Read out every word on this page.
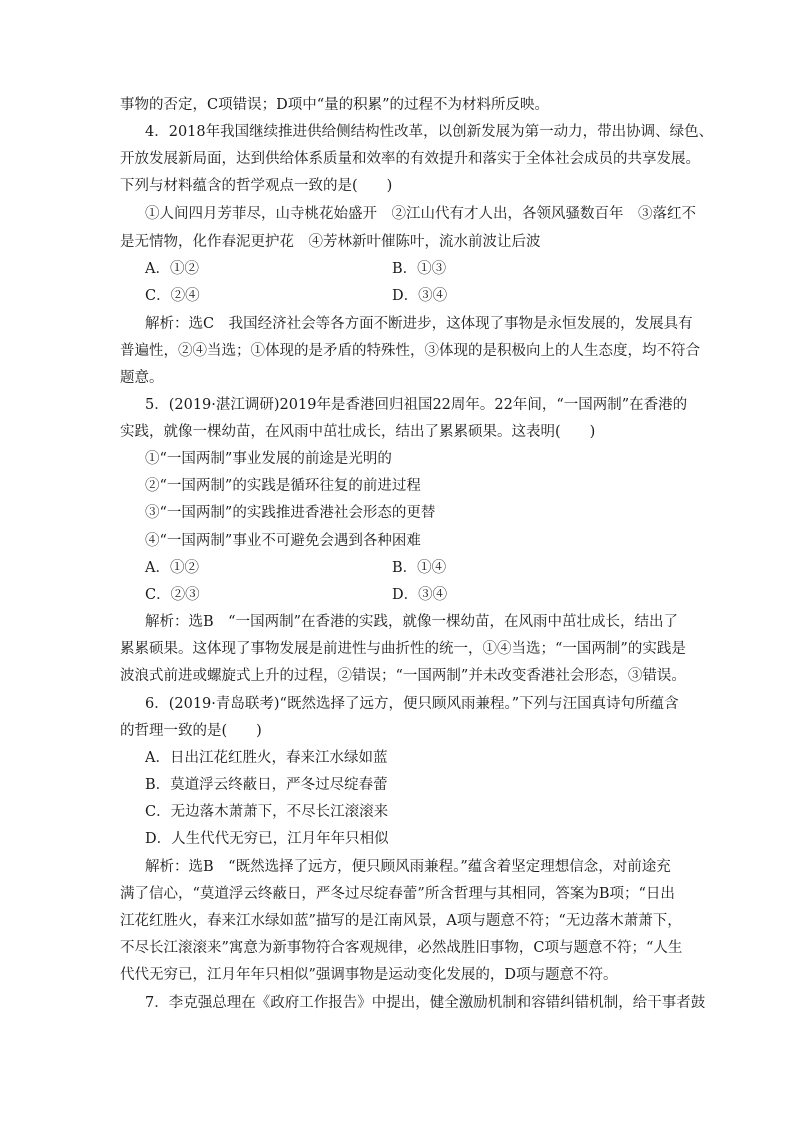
事物的否定，C项错误；D项中“量的积累”的过程不为材料所反映。
4．2018年我国继续推进供给侧结构性改革，以创新发展为第一动力，带出协调、绿色、
开放发展新局面，达到供给体系质量和效率的有效提升和落实于全体社会成员的共享发展。
下列与材料蕴含的哲学观点一致的是(　　)
①人间四月芳菲尽，山寺桃花始盛开　②江山代有才人出，各领风骚数百年　③落红不
是无情物，化作春泥更护花　④芳林新叶催陈叶，流水前波让后波
A．①②	B．①③
C．②④	D．③④
解析：选C　我国经济社会等各方面不断进步，这体现了事物是永恒发展的，发展具有
普遍性，②④当选；①体现的是矛盾的特殊性，③体现的是积极向上的人生态度，均不符合
题意。
5．(2019·湛江调研)2019年是香港回归祖国22周年。22年间，“一国两制”在香港的
实践，就像一棵幼苗，在风雨中茁壮成长，结出了累累硕果。这表明(　　)
①“一国两制”事业发展的前途是光明的
②“一国两制”的实践是循环往复的前进过程
③“一国两制”的实践推进香港社会形态的更替
④“一国两制”事业不可避免会遇到各种困难
A．①②	B．①④
C．②③	D．③④
解析：选B　“一国两制”在香港的实践，就像一棵幼苗，在风雨中茁壮成长，结出了
累累硕果。这体现了事物发展是前进性与曲折性的统一，①④当选；“一国两制”的实践是
波浪式前进或螺旋式上升的过程，②错误；“一国两制”并未改变香港社会形态，③错误。
6．(2019·青岛联考)“既然选择了远方，便只顾风雨兼程。”下列与汪国真诗句所蕴含
的哲理一致的是(　　)
A．日出江花红胜火，春来江水绿如蓝
B．莫道浮云终蔽日，严冬过尽绽春蕾
C．无边落木萧萧下，不尽长江滚滚来
D．人生代代无穷已，江月年年只相似
解析：选B　“既然选择了远方，便只顾风雨兼程。”蕴含着坚定理想信念，对前途充
满了信心，“莫道浮云终蔽日，严冬过尽绽春蕾”所含哲理与其相同，答案为B项；“日出
江花红胜火，春来江水绿如蓝”描写的是江南风景，A项与题意不符；“无边落木萧萧下，
不尽长江滚滚来”寓意为新事物符合客观规律，必然战胜旧事物，C项与题意不符；“人生
代代无穷已，江月年年只相似”强调事物是运动变化发展的，D项与题意不符。
7．李克强总理在《政府工作报告》中提出，健全激励机制和容错纠错机制，给干事者鼓
